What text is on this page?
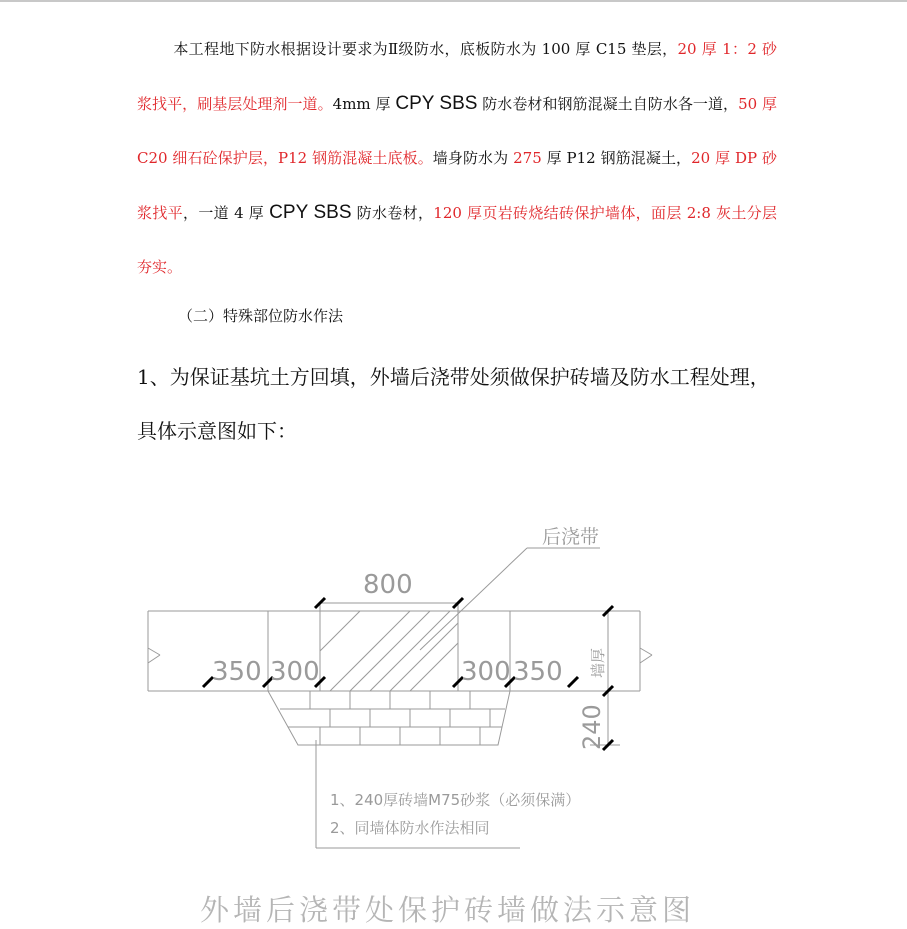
本工程地下防水根据设计要求为Ⅱ级防水，底板防水为 100 厚 C15 垫层，20 厚 1：2 砂浆找平，刷基层处理剂一道。4mm 厚 CPY SBS 防水卷材和钢筋混凝土自防水各一道，50 厚 C20 细石砼保护层，P12 钢筋混凝土底板。墙身防水为 275 厚 P12 钢筋混凝土，20 厚 DP 砂浆找平，一道 4 厚 CPY SBS 防水卷材，120 厚页岩砖烧结砖保护墙体，面层 2:8 灰土分层夯实。
（二）特殊部位防水作法
1、为保证基坑土方回填，外墙后浇带处须做保护砖墙及防水工程处理，具体示意图如下：
后浇带
800
350 300	300 350 墙厚
240
1、240厚砖墙M75砂浆（必须保满）
2、同墙体防水作法相同
外墙后浇带处保护砖墙做法示意图
